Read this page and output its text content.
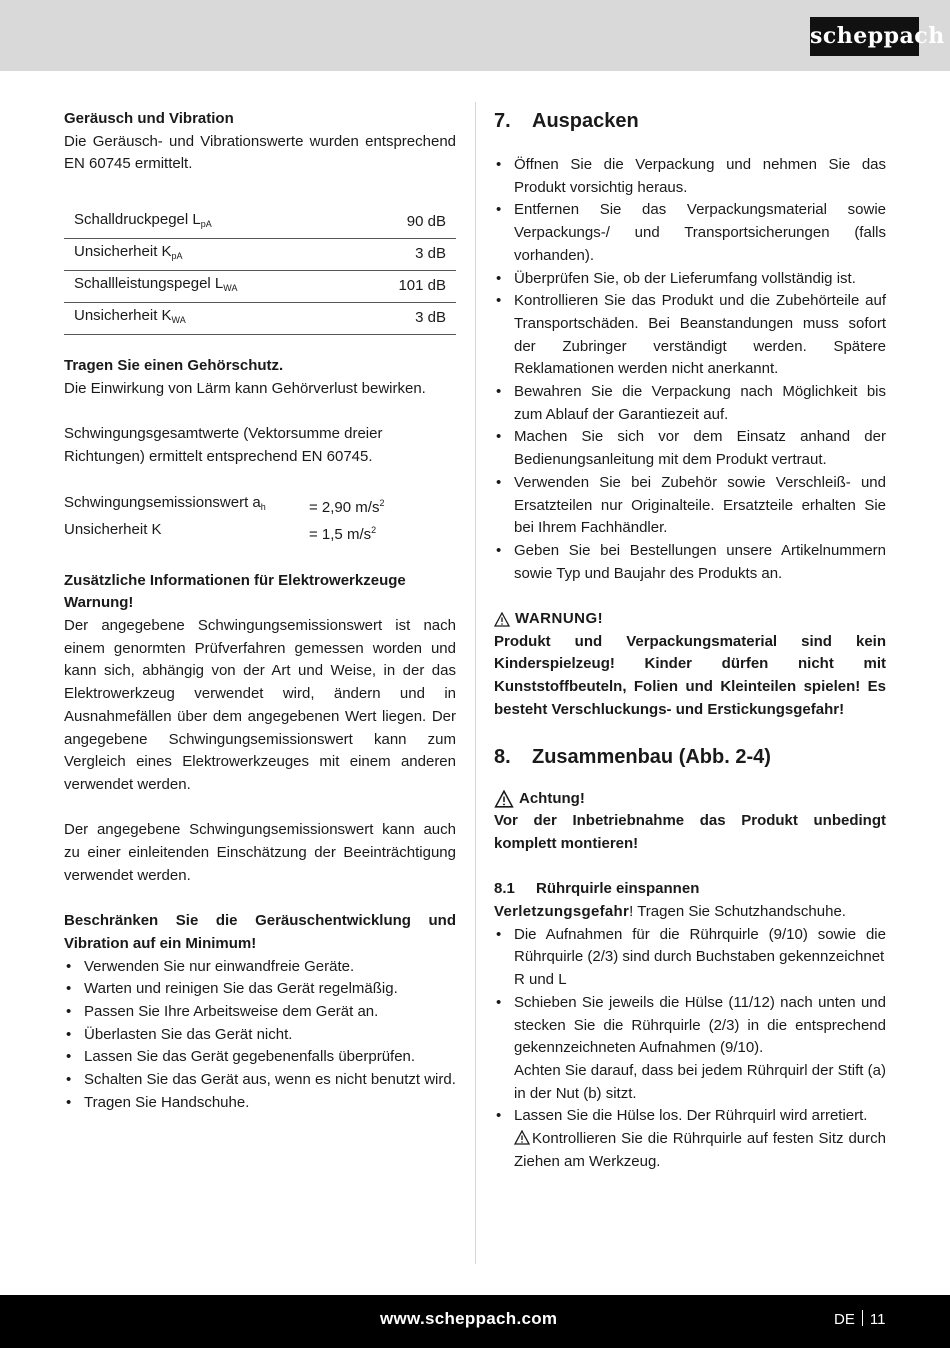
scheppach

Geräusch und Vibration

Die Geräusch- und Vibrationswerte wurden entsprechend EN 60745 ermittelt.

Schalldruckpegel $L_{pA}$	90 dB
Unsicherheit $K_{pA}$	3 dB
Schallleistungspegel $L_{WA}$	101 dB
Unsicherheit $K_{WA}$	3 dB

Tragen Sie einen Gehörschutz.

Die Einwirkung von Lärm kann Gehörverlust bewirken.

Schwingungsgesamtwerte (Vektorsumme dreier Richtungen) ermittelt entsprechend EN 60745.

Schwingungsemissionswert $a_h$	= 2,90 $m/s^2$
Unsicherheit K	= 1,5 $m/s^2$

Zusätzliche Informationen für Elektrowerkzeuge

Warnung!

Der angegebene Schwingungsemissionswert ist nach einem genormten Prüfverfahren gemessen worden und kann sich, abhängig von der Art und Weise, in der das Elektrowerkzeug verwendet wird, ändern und in Ausnahmefällen über dem angegebenen Wert liegen. Der angegebene Schwingungsemissionswert kann zum Vergleich eines Elektrowerkzeuges mit einem anderen verwendet werden.

Der angegebene Schwingungsemissionswert kann auch zu einer einleitenden Einschätzung der Beeinträchtigung verwendet werden.

Beschränken Sie die Geräuschentwicklung und Vibration auf ein Minimum!

• Verwenden Sie nur einwandfreie Geräte.
• Warten und reinigen Sie das Gerät regelmäßig.
• Passen Sie Ihre Arbeitsweise dem Gerät an.
• Überlasten Sie das Gerät nicht.
• Lassen Sie das Gerät gegebenenfalls überprüfen.
• Schalten Sie das Gerät aus, wenn es nicht benutzt wird.
• Tragen Sie Handschuhe.
7.	Auspacken
• Öffnen Sie die Verpackung und nehmen Sie das Produkt vorsichtig heraus.
• Entfernen Sie das Verpackungsmaterial sowie Verpackungs-/ und Transportsicherungen (falls vorhanden).
• Überprüfen Sie, ob der Lieferumfang vollständig ist.
• Kontrollieren Sie das Produkt und die Zubehörteile auf Transportschäden. Bei Beanstandungen muss sofort der Zubringer verständigt werden. Spätere Reklamationen werden nicht anerkannt.
• Bewahren Sie die Verpackung nach Möglichkeit bis zum Ablauf der Garantiezeit auf.
• Machen Sie sich vor dem Einsatz anhand der Bedienungsanleitung mit dem Produkt vertraut.
• Verwenden Sie bei Zubehör sowie Verschleiß- und Ersatzteilen nur Originalteile. Ersatzteile erhalten Sie bei Ihrem Fachhändler.
• Geben Sie bei Bestellungen unsere Artikelnummern sowie Typ und Baujahr des Produkts an.

WARNUNG!

Produkt und Verpackungsmaterial sind kein Kinderspielzeug! Kinder dürfen nicht mit Kunststoffbeuteln, Folien und Kleinteilen spielen! Es besteht Verschluckungs- und Erstickungsgefahr!

8.	Zusammenbau (Abb. 2-4)

Achtung!

Vor der Inbetriebnahme das Produkt unbedingt komplett montieren!

8.1 Rührquirle einspannen

Verletzungsgefahr! Tragen Sie Schutzhandschuhe.

• Die Aufnahmen für die Rührquirle (9/10) sowie die Rührquirle (2/3) sind durch Buchstaben gekennzeichnet
R und L
• Schieben Sie jeweils die Hülse (11/12) nach unten und stecken Sie die Rührquirle (2/3) in die entsprechend gekennzeichneten Aufnahmen (9/10).
Achten Sie darauf, dass bei jedem Rührquirl der Stift (a) in der Nut (b) sitzt.
• Lassen Sie die Hülse los. Der Rührquirl wird arretiert.
Kontrollieren Sie die Rührquirle auf festen Sitz durch Ziehen am Werkzeug.
www.scheppach.com	DE 11
